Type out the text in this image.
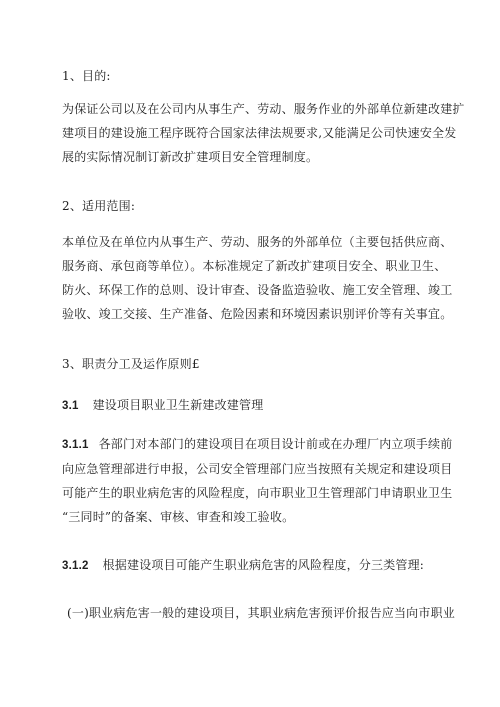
1、目的:
为保证公司以及在公司内从事生产、劳动、服务作业的外部单位新建改建扩
建项目的建设施工程序既符合国家法律法规要求,又能满足公司快速安全发
展的实际情况制订新改扩建项目安全管理制度。
2、适用范围:
本单位及在单位内从事生产、劳动、服务的外部单位（主要包括供应商、
服务商、承包商等单位）。本标准规定了新改扩建项目安全、职业卫生、
防火、环保工作的总则、设计审查、设备监造验收、施工安全管理、竣工
验收、竣工交接、生产准备、危险因素和环境因素识别评价等有关事宜。
3、职责分工及运作原则£
3.1 建设项目职业卫生新建改建管理
3.1.1 各部门对本部门的建设项目在项目设计前或在办理厂内立项手续前
向应急管理部进行申报，公司安全管理部门应当按照有关规定和建设项目
可能产生的职业病危害的风险程度，向市职业卫生管理部门申请职业卫生
“三同时”的备案、审核、审查和竣工验收。
3.1.2 根据建设项目可能产生职业病危害的风险程度，分三类管理:
(一)职业病危害一般的建设项目，其职业病危害预评价报告应当向市职业
